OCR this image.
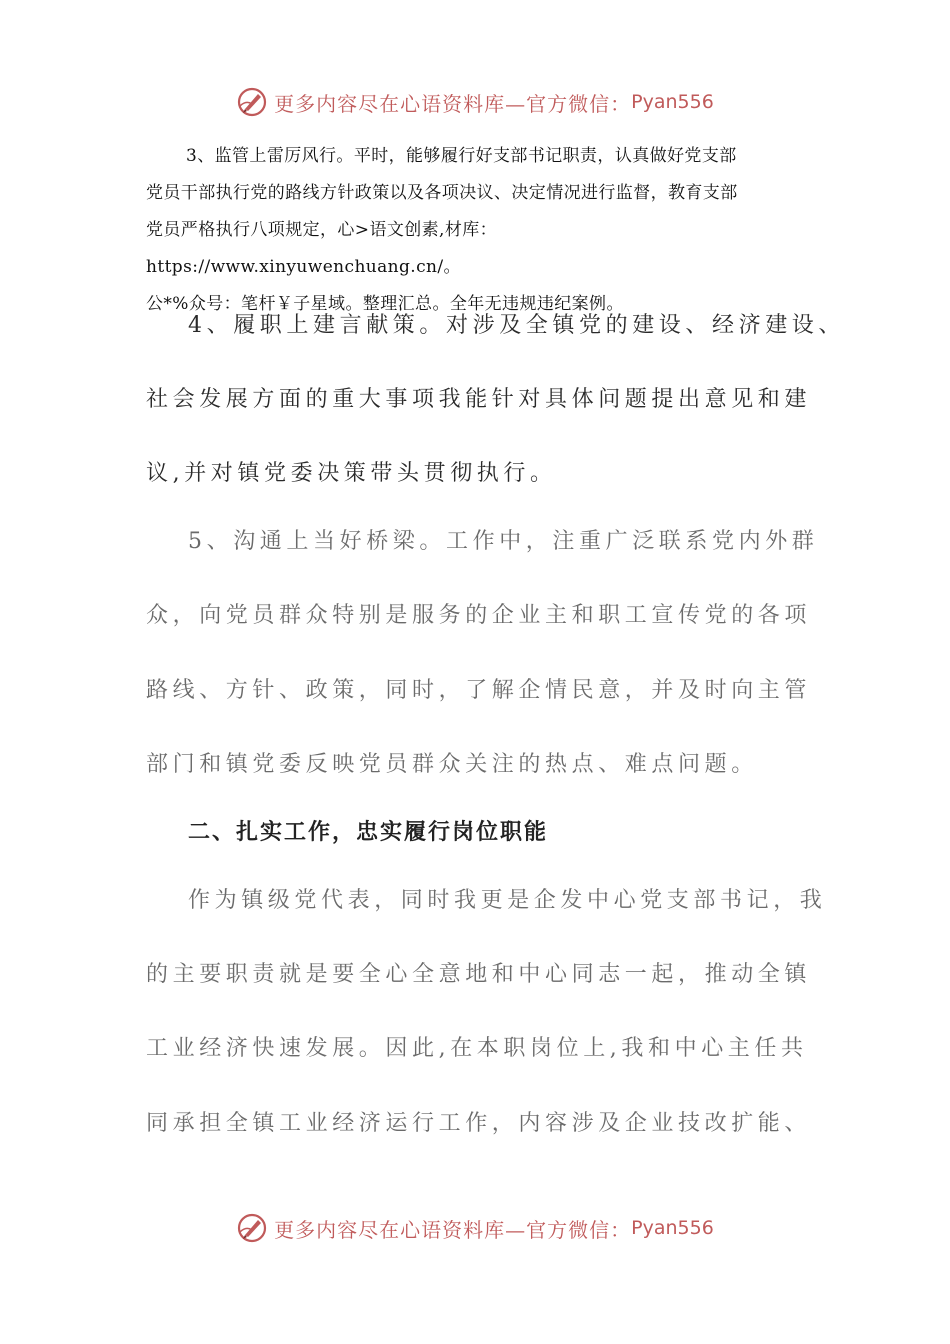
更多内容尽在心语资料库—官方微信： Pyan556
3、监管上雷厉风行。平时，能够履行好支部书记职责，认真做好党支部
党员干部执行党的路线方针政策以及各项决议、决定情况进行监督，教育支部
党员严格执行八项规定，心>语文创素,材库：https://www.xinyuwenchuang.cn/。
公*%众号：笔杆￥子星域。整理汇总。全年无违规违纪案例。
4、履职上建言献策。对涉及全镇党的建设、经济建设、
社会发展方面的重大事项我能针对具体问题提出意见和建
议,并对镇党委决策带头贯彻执行。
5、沟通上当好桥梁。工作中，注重广泛联系党内外群
众，向党员群众特别是服务的企业主和职工宣传党的各项
路线、方针、政策，同时，了解企情民意，并及时向主管
部门和镇党委反映党员群众关注的热点、难点问题。
二、扎实工作，忠实履行岗位职能
作为镇级党代表，同时我更是企发中心党支部书记，我
的主要职责就是要全心全意地和中心同志一起，推动全镇
工业经济快速发展。因此,在本职岗位上,我和中心主任共
同承担全镇工业经济运行工作，内容涉及企业技改扩能、
更多内容尽在心语资料库—官方微信： Pyan556
